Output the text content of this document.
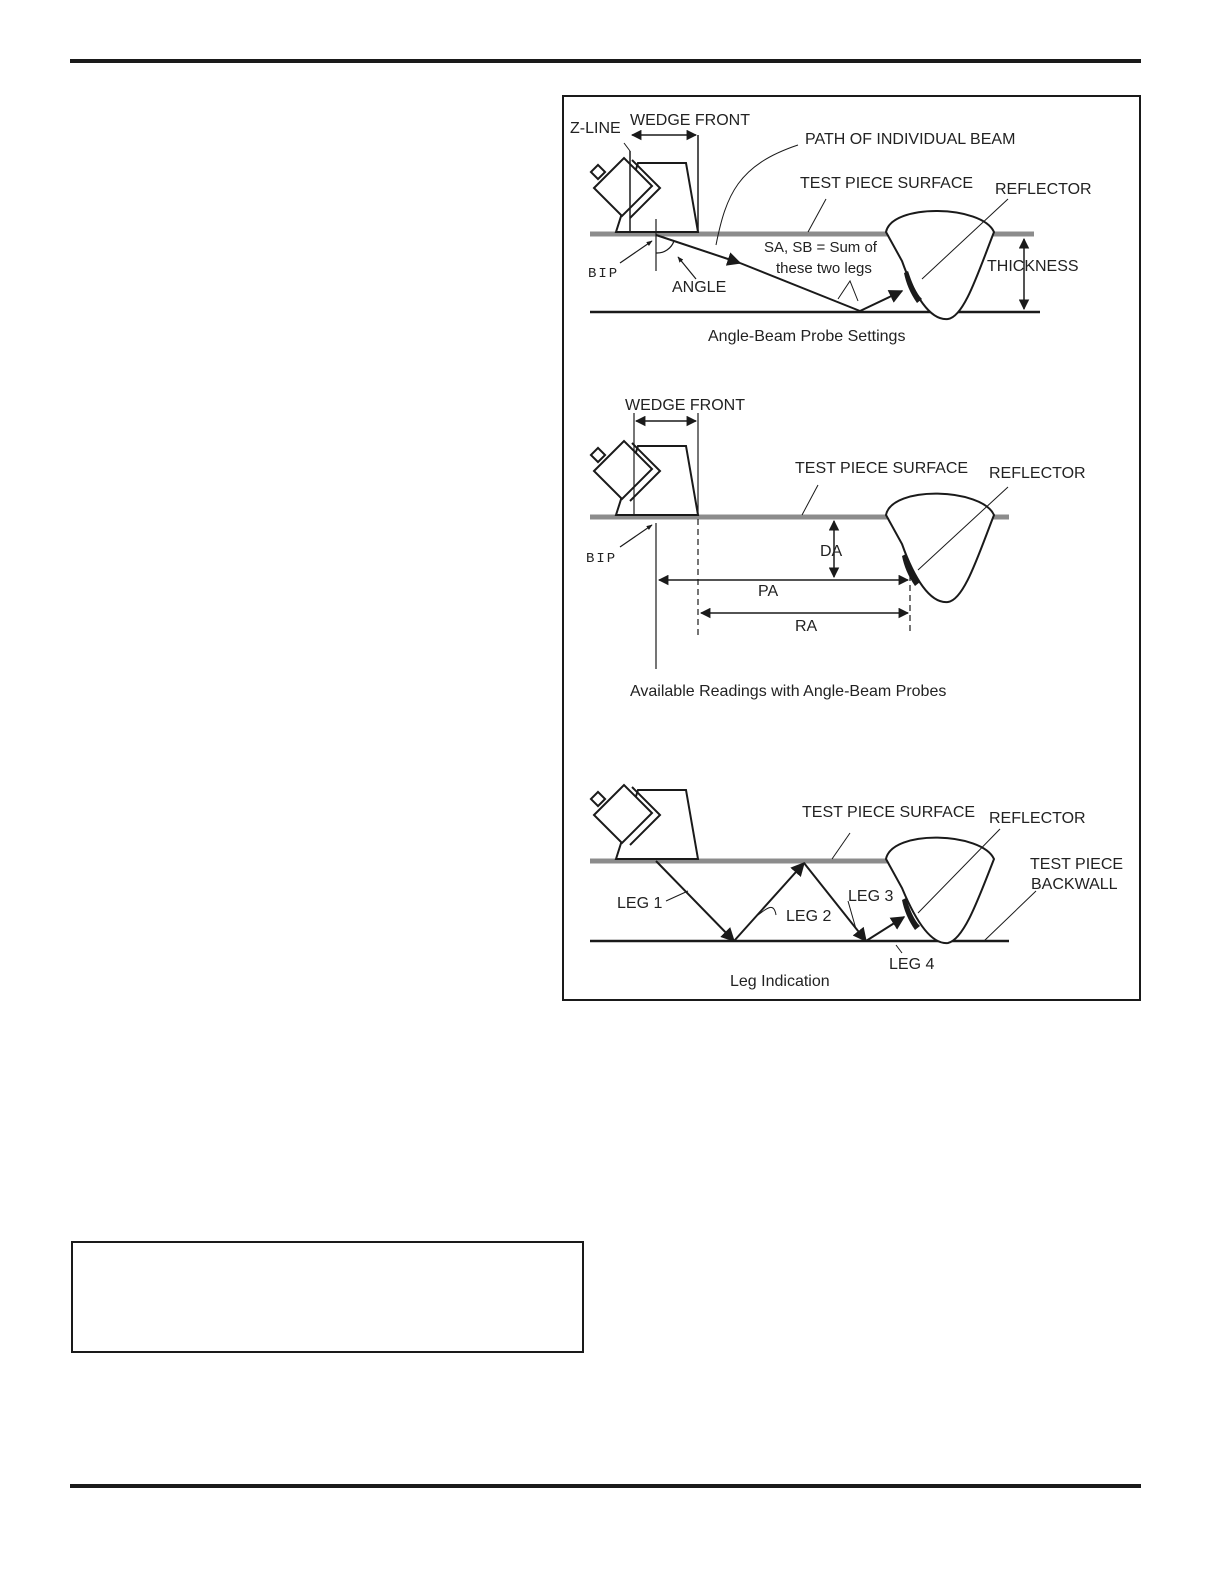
Z-LINE WEDGE FRONT
PATH OF INDIVIDUAL BEAM
TEST PIECE SURFACE REFLECTOR
SA, SB = Sum of
these two legs	THICKNESS
BIP
ANGLE
Angle-Beam Probe Settings
WEDGE FRONT
TEST PIECE SURFACE REFLECTOR
BIP	DA
PA
RA
Available Readings with Angle-Beam Probes
TEST PIECE SURFACE REFLECTOR
TEST PIECE
BACKWALL
LEG 1
LEG 2
LEG 3
LEG 4
Leg Indication
